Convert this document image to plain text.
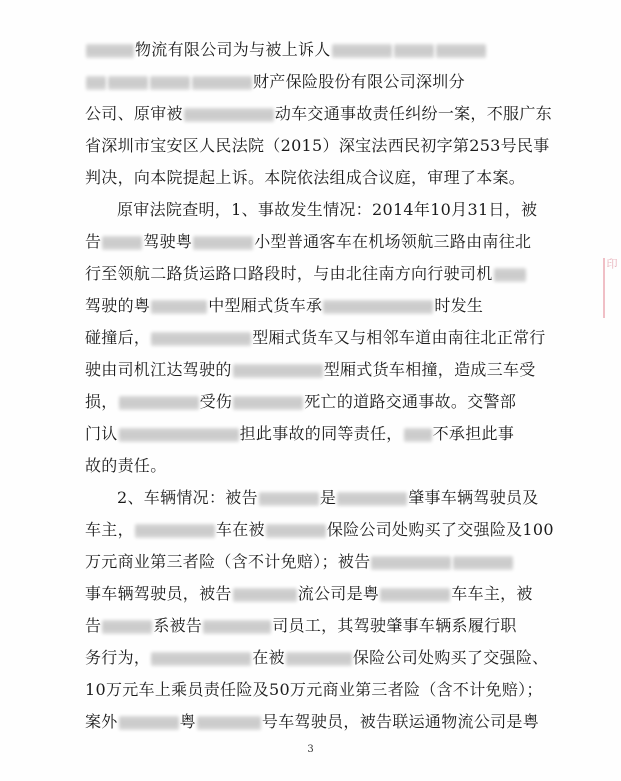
物流有限公司为与被上诉人
财产保险股份有限公司深圳分
公司、原审被	动车交通事故责任纠纷一案，不服广东
省深圳市宝安区人民法院（2015）深宝法西民初字第253号民事
判决，向本院提起上诉。本院依法组成合议庭，审理了本案。
原审法院查明，1、事故发生情况：2014年10月31日，被
告	驾驶粤	小型普通客车在机场领航三路由南往北
行至领航二路货运路口路段时，与由北往南方向行驶司机
驾驶的粤	中型厢式货车承	时发生
碰撞后，	型厢式货车又与相邻车道由南往北正常行
驶由司机江达驾驶的	型厢式货车相撞，造成三车受
损，	受伤	死亡的道路交通事故。交警部
门认	担此事故的同等责任， 不承担此事
故的责任。
2、车辆情况：被告	是	肇事车辆驾驶员及
车主，	车在被	保险公司处购买了交强险及100
万元商业第三者险（含不计免赔）；被告
事车辆驾驶员，被告	流公司是粤	车车主，被
告	系被告	司员工，其驾驶肇事车辆系履行职
务行为，	在被	保险公司处购买了交强险、
10万元车上乘员责任险及50万元商业第三者险（含不计免赔）；
案外	粤	号车驾驶员，被告联运通物流公司是粤
印
3
